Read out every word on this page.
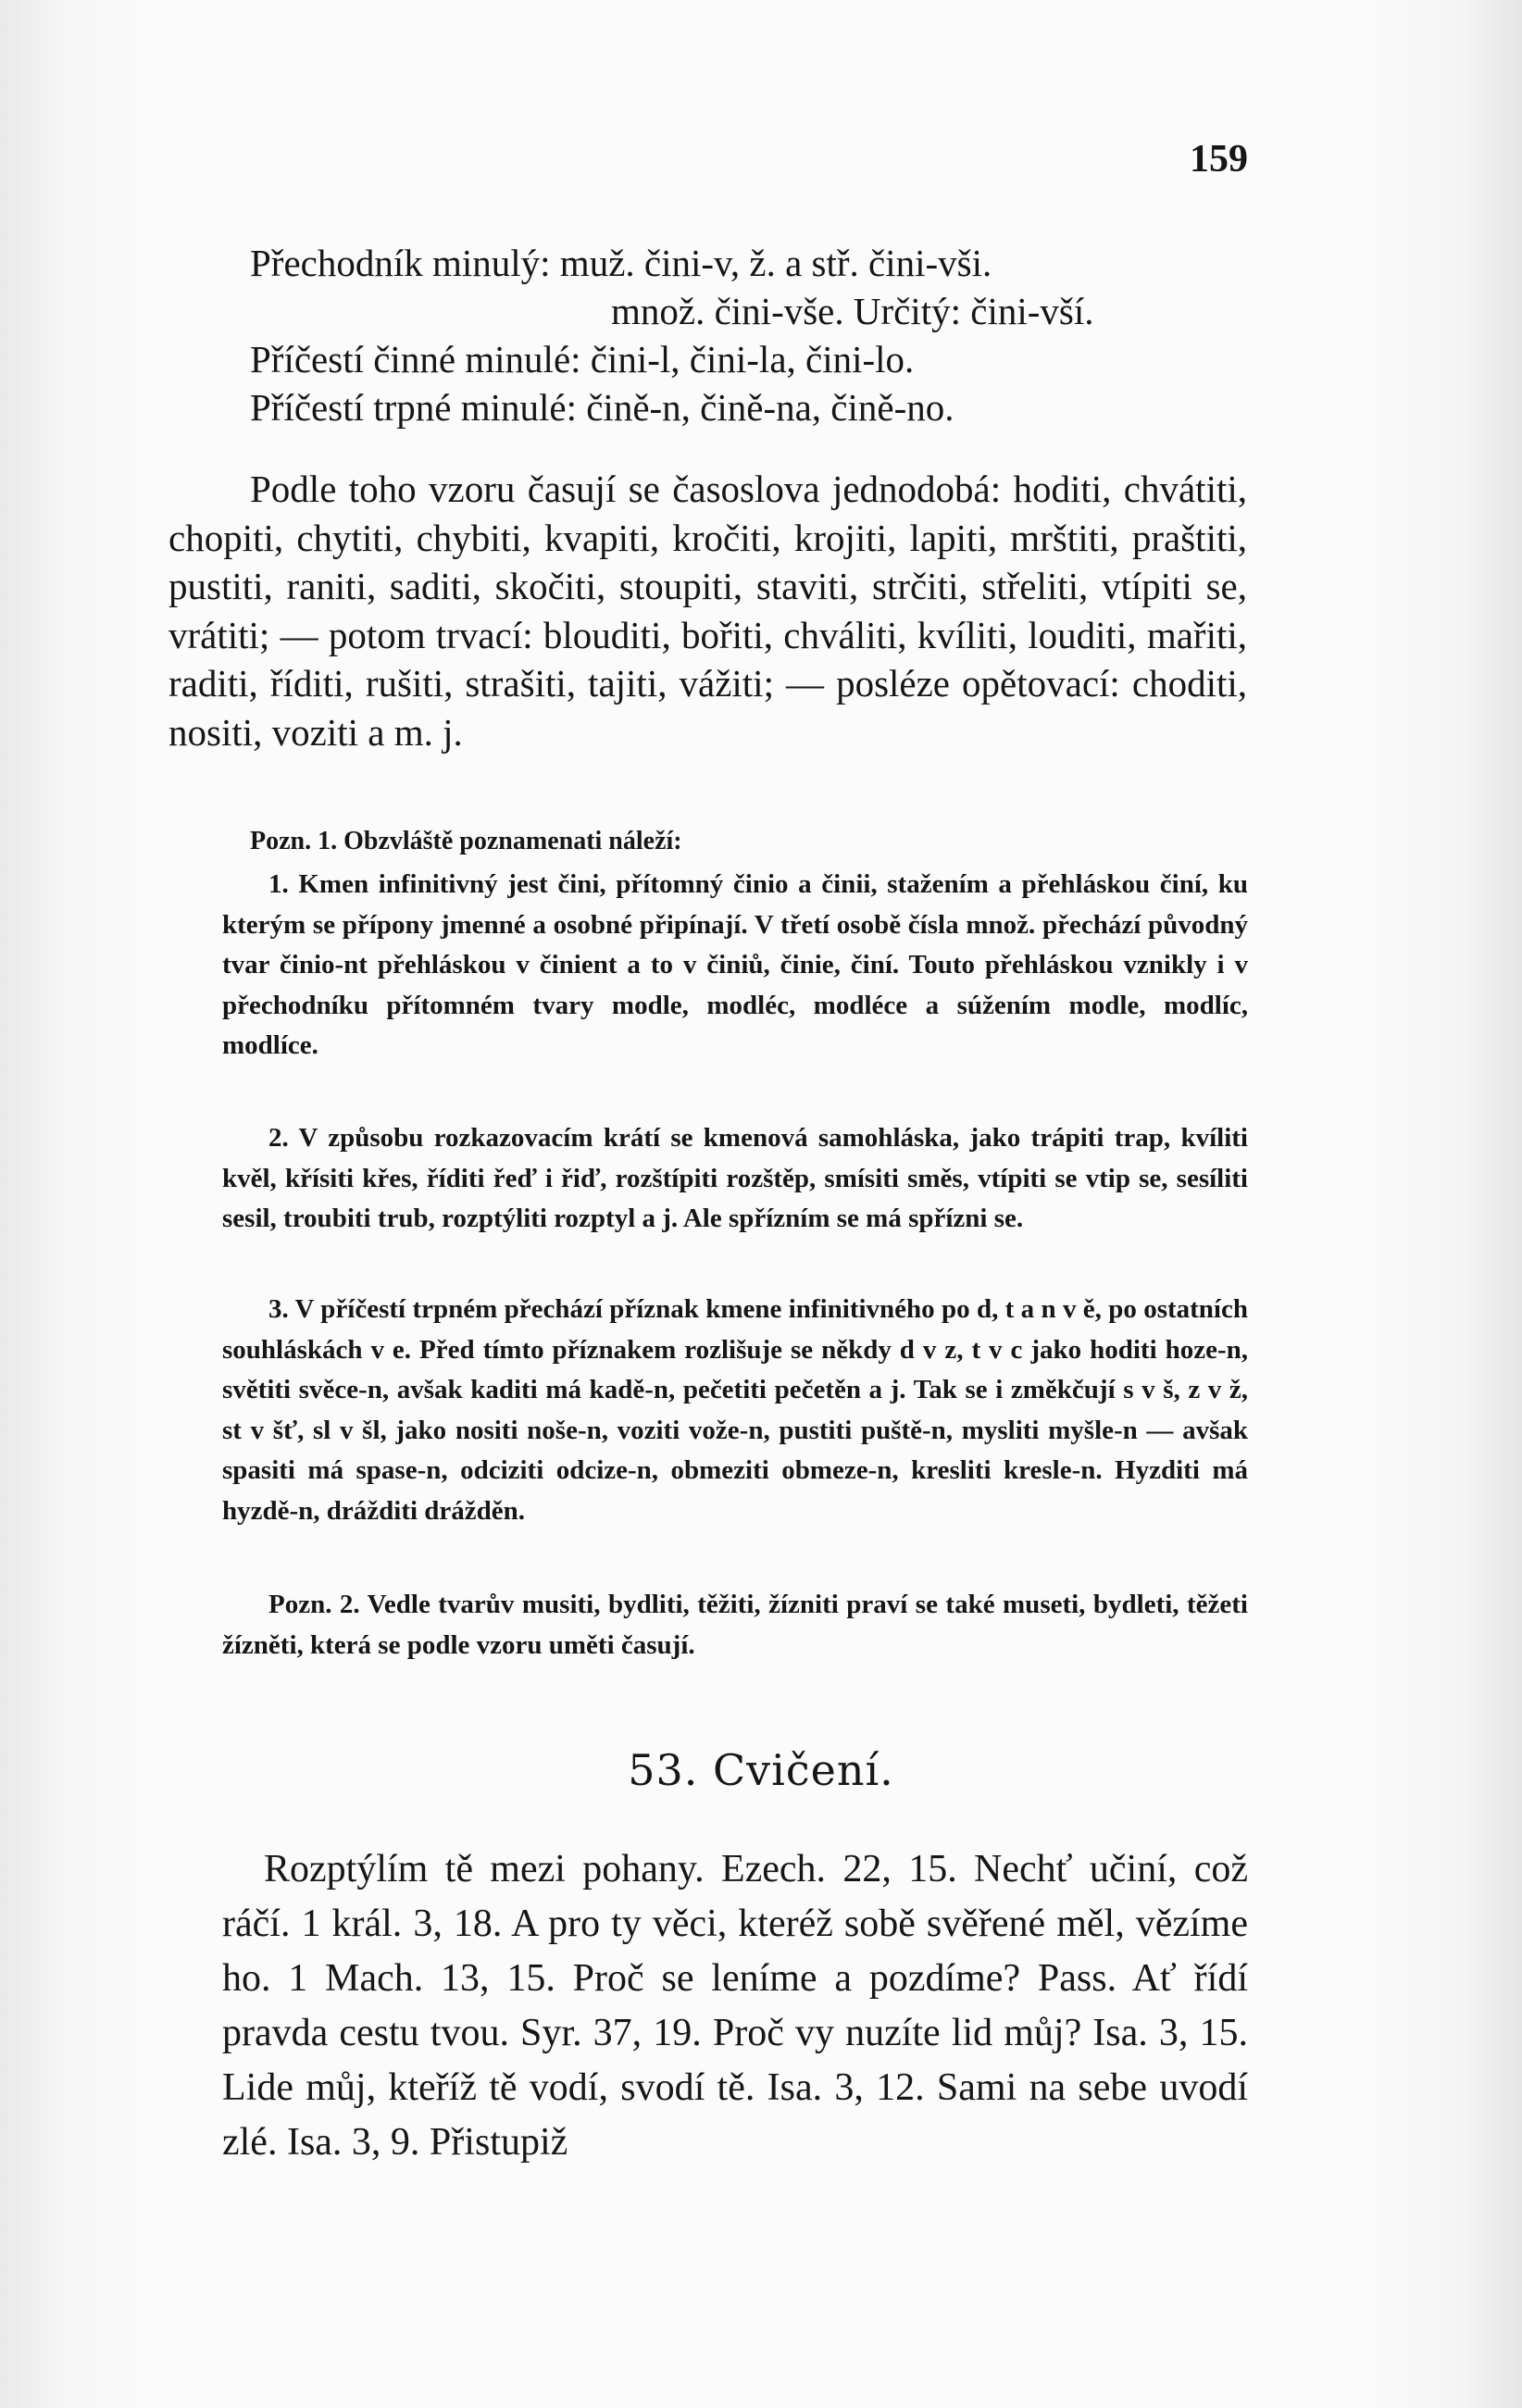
159
Přechodník minulý: muž. čini-v, ž. a stř. čini-vši.
množ. čini-vše. Určitý: čini-vší.
Příčestí činné minulé: čini-l, čini-la, čini-lo.
Příčestí trpné minulé: čině-n, čině-na, čině-no.

Podle toho vzoru časují se časoslova jednodobá: hoditi, chvátiti, chopiti, chytiti, chybiti, kvapiti, kročiti, krojiti, lapiti, mrštiti, praštiti, pustiti, raniti, saditi, skočiti, stoupiti, staviti, strčiti, střeliti, vtípiti se, vrátiti; — potom trvací: blouditi, bořiti, chváliti, kvíliti, louditi, mařiti, raditi, říditi, rušiti, strašiti, tajiti, vážiti; — posléze opětovací: choditi, nositi, voziti a m. j.

Pozn. 1. Obzvláště poznamenati náleží:

1. Kmen infinitivný jest čini, přítomný činio a činii, stažením a přehláskou činí, ku kterým se přípony jmenné a osobné připínají. V třetí osobě čísla množ. přechází původný tvar činio-nt přehláskou v činient a to v činiů, činie, činí. Touto přehláskou vznikly i v přechodníku přítomném tvary modle, modléc, modléce a súžením modle, modlíc, modlíce.

2. V způsobu rozkazovacím krátí se kmenová samohláska, jako trápiti trap, kvíliti kvěl, křísiti křes, říditi řeď i řiď, rozštípiti rozštěp, smísiti směs, vtípiti se vtip se, sesíliti sesil, troubiti trub, rozptýliti rozptyl a j. Ale spřízním se má spřízni se.

3. V příčestí trpném přechází příznak kmene infinitivného po d, t a n v ě, po ostatních souhláskách v e. Před tímto příznakem rozlišuje se někdy d v z, t v c jako hoditi hoze-n, světiti svěce-n, avšak kaditi má kadě-n, pečetiti pečetěn a j. Tak se i změkčují s v š, z v ž, st v šť, sl v šl, jako nositi noše-n, voziti vože-n, pustiti puště-n, mysliti myšle-n — avšak spasiti má spase-n, odciziti odcize-n, obmeziti obmeze-n, kresliti kresle-n. Hyzditi má hyzdě-n, drážditi drážděn.

Pozn. 2. Vedle tvarův musiti, bydliti, těžiti, žízniti praví se také museti, bydleti, těžeti žízněti, která se podle vzoru uměti časují.

53. Cvičení.

Rozptýlím tě mezi pohany. Ezech. 22, 15. Nechť učiní, což ráčí. 1 král. 3, 18. A pro ty věci, kteréž sobě svěřené měl, vězíme ho. 1 Mach. 13, 15. Proč se leníme a pozdíme? Pass. Ať řídí pravda cestu tvou. Syr. 37, 19. Proč vy nuzíte lid můj? Isa. 3, 15. Lide můj, kteříž tě vodí, svodí tě. Isa. 3, 12. Sami na sebe uvodí zlé. Isa. 3, 9. Přistupiž
